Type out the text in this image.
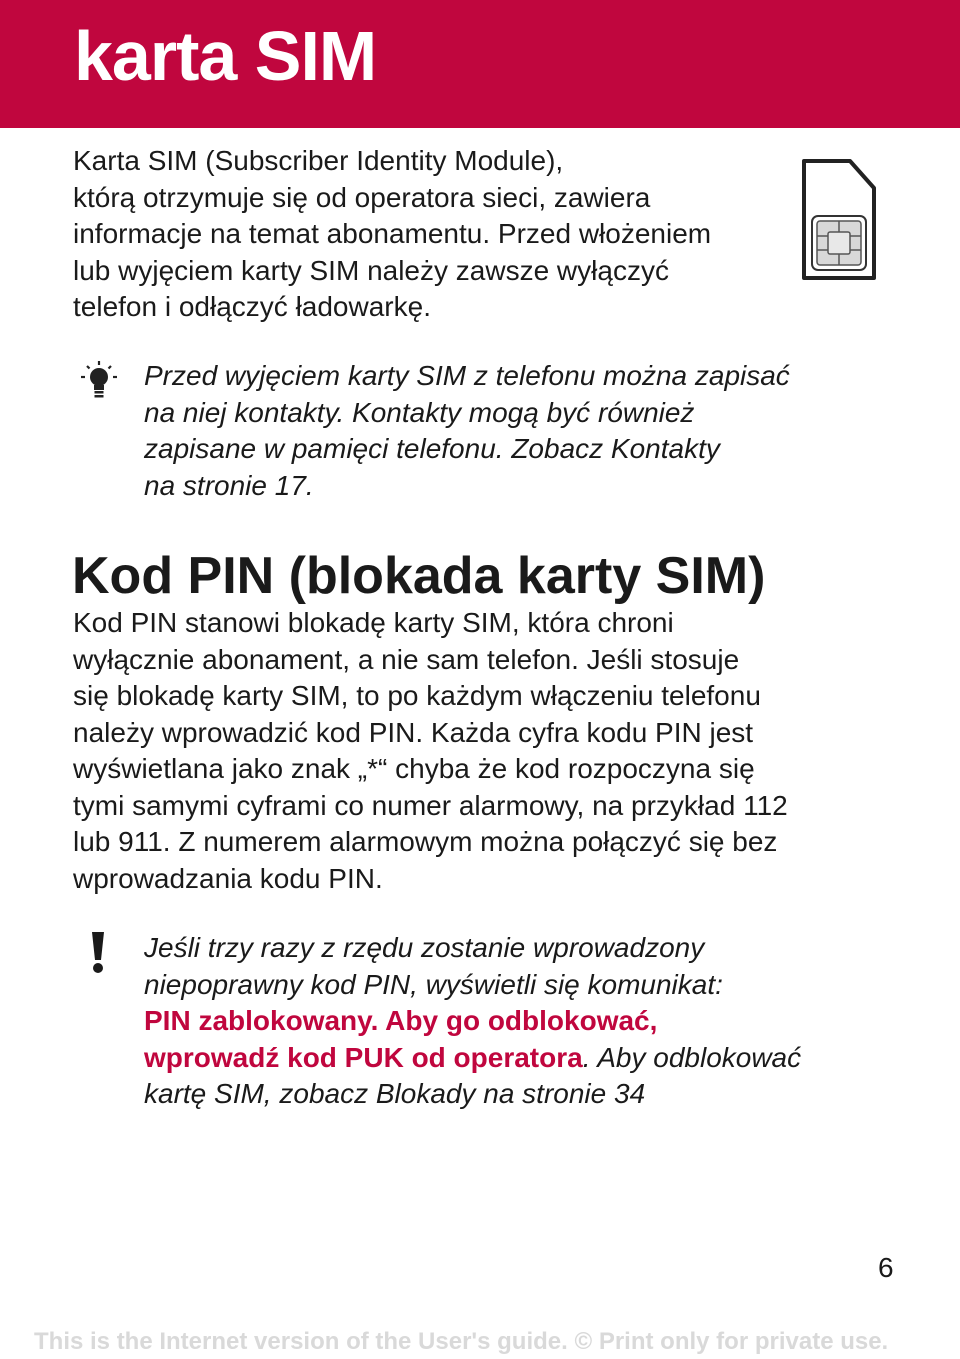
karta SIM
Karta SIM (Subscriber Identity Module),
którą otrzymuje się od operatora sieci, zawiera
informacje na temat abonamentu. Przed włożeniem
lub wyjęciem karty SIM należy zawsze wyłączyć
telefon i odłączyć ładowarkę.
Przed wyjęciem karty SIM z telefonu można zapisać
na niej kontakty. Kontakty mogą być również
zapisane w pamięci telefonu. Zobacz Kontakty
na stronie 17.
Kod PIN (blokada karty SIM)
Kod PIN stanowi blokadę karty SIM, która chroni
wyłącznie abonament, a nie sam telefon. Jeśli stosuje
się blokadę karty SIM, to po każdym włączeniu telefonu
należy wprowadzić kod PIN. Każda cyfra kodu PIN jest
wyświetlana jako znak „*“ chyba że kod rozpoczyna się
tymi samymi cyframi co numer alarmowy, na przykład 112
lub 911. Z numerem alarmowym można połączyć się bez
wprowadzania kodu PIN.
Jeśli trzy razy z rzędu zostanie wprowadzony
niepoprawny kod PIN, wyświetli się komunikat:
PIN zablokowany. Aby go odblokować,
wprowadź kod PUK od operatora. Aby odblokować
kartę SIM, zobacz Blokady na stronie 34
6
This is the Internet version of the User's guide. © Print only for private use.
